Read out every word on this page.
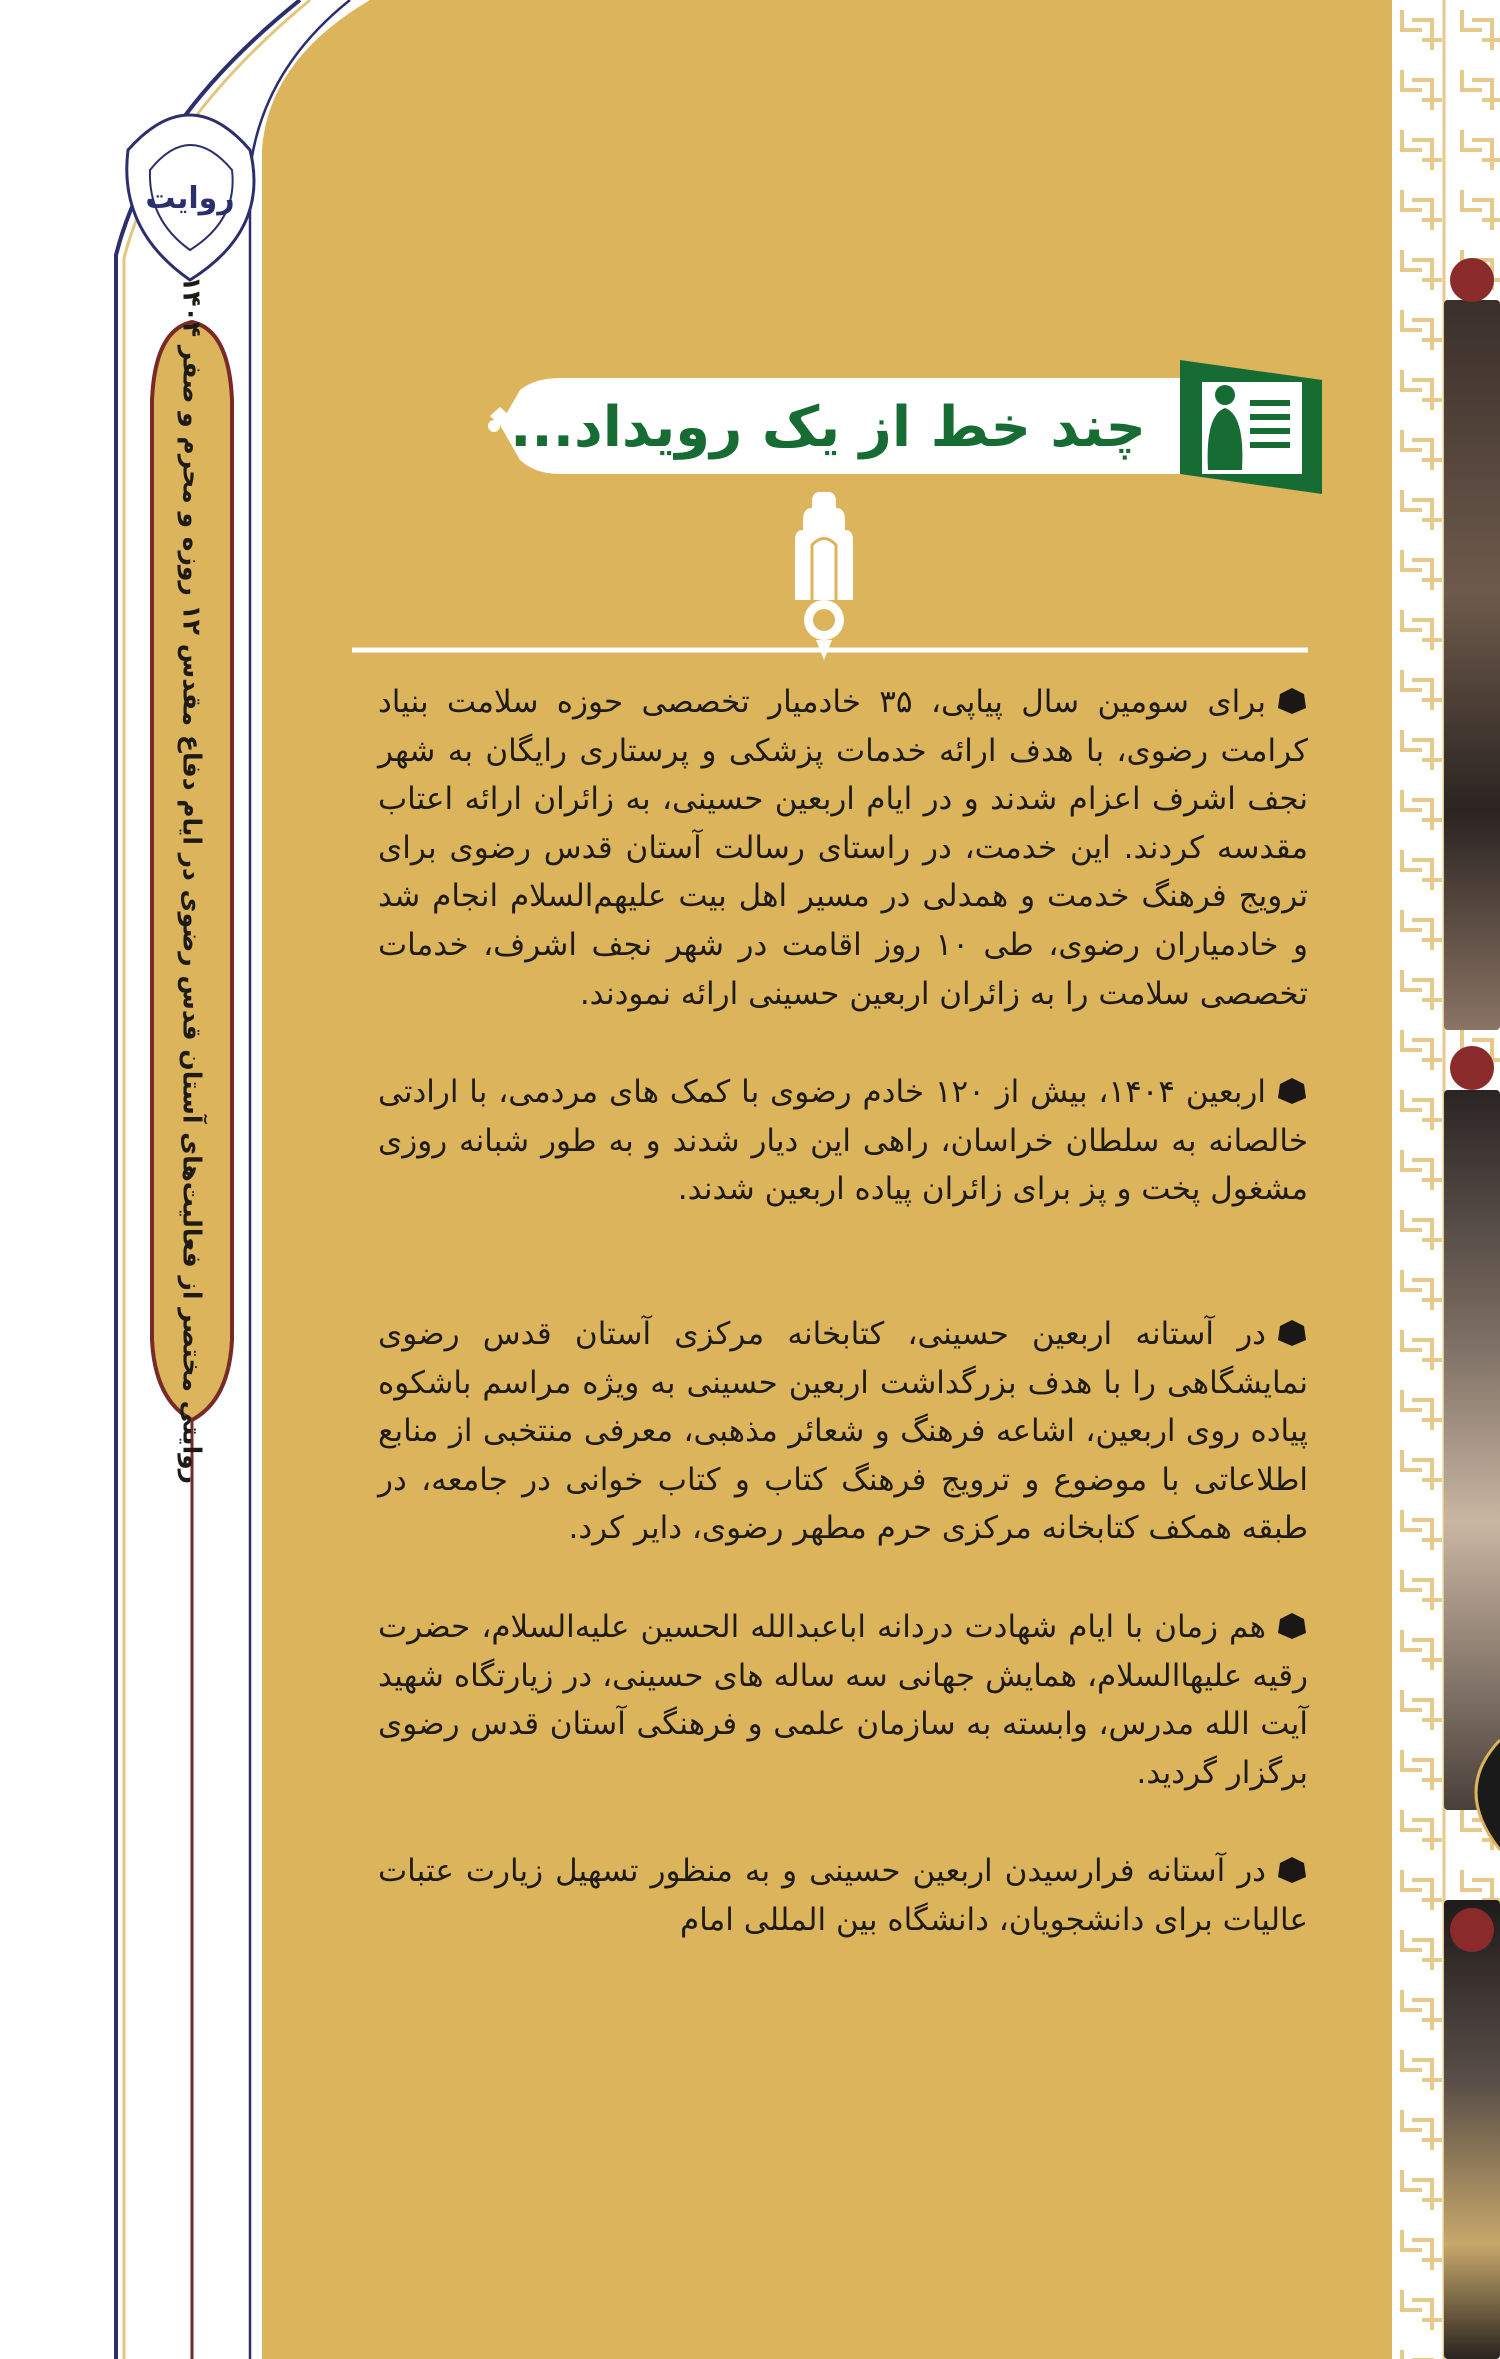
روایت
روایتی مختصر از فعالیت‌های آستان قدس رضوی در ایام دفاع مقدس ۱۲ روزه و محرم و صفر ۱۴۰۴
چند خط از یک رویداد...

برای سومین سال پیاپی، ۳۵ خادمیار تخصصی حوزه سلامت بنیاد کرامت رضوی، با هدف ارائه خدمات پزشکی و پرستاری رایگان به شهر نجف اشرف اعزام شدند و در ایام اربعین حسینی، به زائران ارائه اعتاب مقدسه کردند. این خدمت، در راستای رسالت آستان قدس رضوی برای ترویج فرهنگ خدمت و همدلی در مسیر اهل بیت علیهم‌السلام انجام شد و خادمیاران رضوی، طی ۱۰ روز اقامت در شهر نجف اشرف، خدمات تخصصی سلامت را به زائران اربعین حسینی ارائه نمودند.

اربعین ۱۴۰۴، بیش از ۱۲۰ خادم رضوی با کمک های مردمی، با ارادتی خالصانه به سلطان خراسان، راهی این دیار شدند و به طور شبانه روزی مشغول پخت و پز برای زائران پیاده اربعین شدند.

در آستانه اربعین حسینی، کتابخانه مرکزی آستان قدس رضوی نمایشگاهی را با هدف بزرگداشت اربعین حسینی به ویژه مراسم باشکوه پیاده روی اربعین، اشاعه فرهنگ و شعائر مذهبی، معرفی منتخبی از منابع اطلاعاتی با موضوع و ترویج فرهنگ کتاب و کتاب خوانی در جامعه، در طبقه همکف کتابخانه مرکزی حرم مطهر رضوی، دایر کرد.

هم زمان با ایام شهادت دردانه اباعبدالله الحسین علیه‌السلام، حضرت رقیه علیهاالسلام، همایش جهانی سه ساله های حسینی، در زیارتگاه شهید آیت الله مدرس، وابسته به سازمان علمی و فرهنگی آستان قدس رضوی برگزار گردید.

در آستانه فرارسیدن اربعین حسینی و به منظور تسهیل زیارت عتبات عالیات برای دانشجویان، دانشگاه بین المللی امام
